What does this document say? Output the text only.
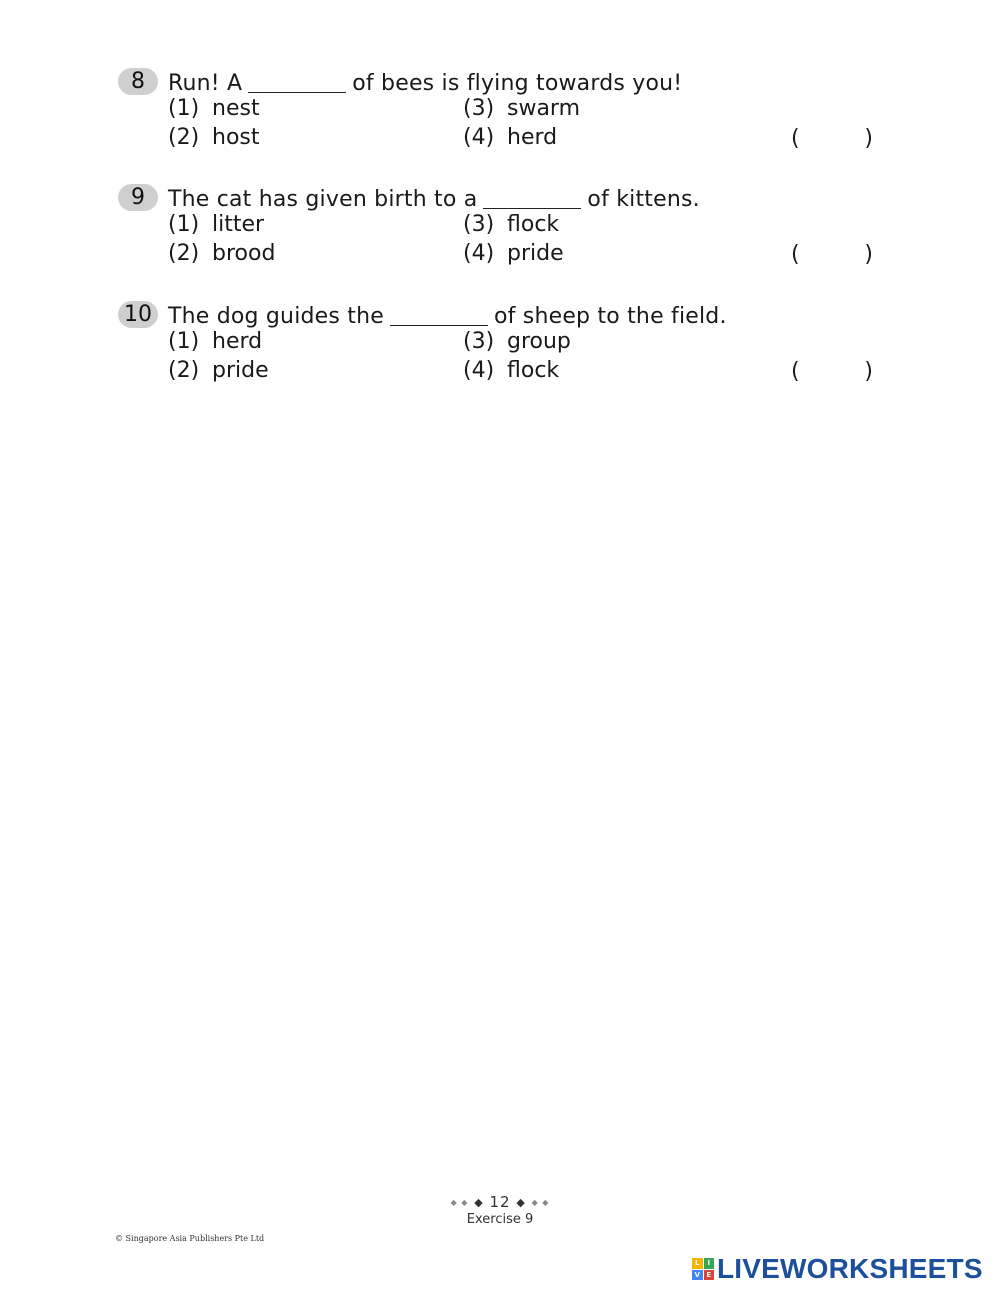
8	Run! A	of bees is flying towards you!
(1) nest	(3) swarm
(2) host	(4) herd	(	)
9	The cat has given birth to a	of kittens.
(1) litter	(3) flock
(2) brood	(4) pride	(	)
10 The dog guides the	of sheep to the field.
(1) herd	(3) group
(2) pride	(4) flock	(	)
◆ ◆ ◆ 12 ◆ ◆ ◆
Exercise 9
© Singapore Asia Publishers Pte Ltd
L	I
V E LIVEWORKSHEETS
